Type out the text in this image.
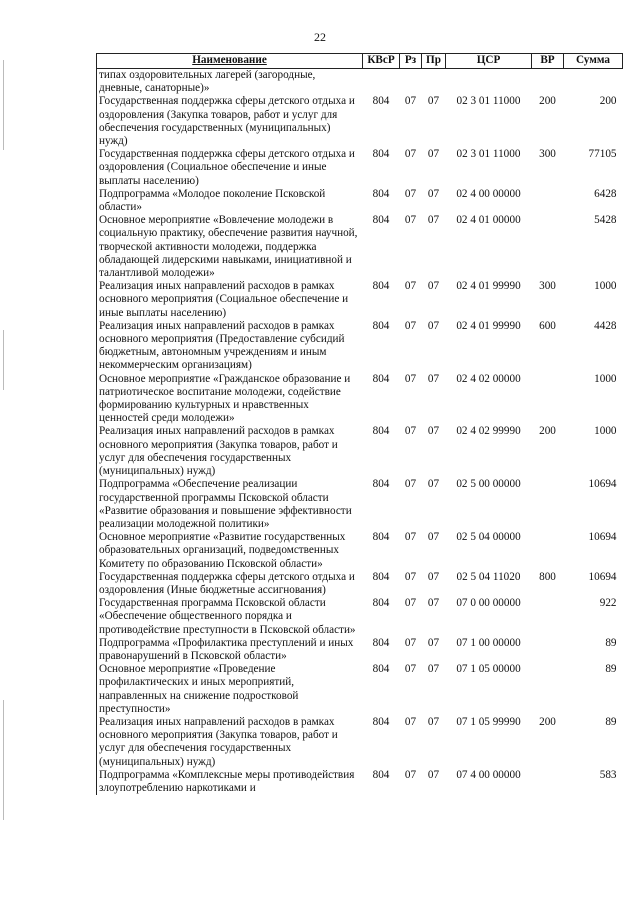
22
Наименование	КВсР	Рз	Пр	ЦСР	ВР	Сумма
типах оздоровительных лагерей (загородные, дневные, санаторные)»						
Государственная поддержка сферы детского отдыха и оздоровления (Закупка товаров, работ и услуг для обеспечения государственных (муниципальных) нужд)	804	07	07	02 3 01 11000	200	200
Государственная поддержка сферы детского отдыха и оздоровления (Социальное обеспечение и иные выплаты населению)	804	07	07	02 3 01 11000	300	77105
Подпрограмма «Молодое поколение Псковской области»	804	07	07	02 4 00 00000		6428
Основное мероприятие «Вовлечение молодежи в социальную практику, обеспечение развития научной, творческой активности молодежи, поддержка обладающей лидерскими навыками, инициативной и талантливой молодежи»	804	07	07	02 4 01 00000		5428
Реализация иных направлений расходов в рамках основного мероприятия (Социальное обеспечение и иные выплаты населению)	804	07	07	02 4 01 99990	300	1000
Реализация иных направлений расходов в рамках основного мероприятия (Предоставление субсидий бюджетным, автономным учреждениям и иным некоммерческим организациям)	804	07	07	02 4 01 99990	600	4428
Основное мероприятие «Гражданское образование и патриотическое воспитание молодежи, содействие формированию культурных и нравственных ценностей среди молодежи»	804	07	07	02 4 02 00000		1000
Реализация иных направлений расходов в рамках основного мероприятия (Закупка товаров, работ и услуг для обеспечения государственных (муниципальных) нужд)	804	07	07	02 4 02 99990	200	1000
Подпрограмма «Обеспечение реализации государственной программы Псковской области «Развитие образования и повышение эффективности реализации молодежной политики»	804	07	07	02 5 00 00000		10694
Основное мероприятие «Развитие государственных образовательных организаций, подведомственных Комитету по образованию Псковской области»	804	07	07	02 5 04 00000		10694
Государственная поддержка сферы детского отдыха и оздоровления (Иные бюджетные ассигнования)	804	07	07	02 5 04 11020	800	10694
Государственная программа Псковской области «Обеспечение общественного порядка и противодействие преступности в Псковской области»	804	07	07	07 0 00 00000		922
Подпрограмма «Профилактика преступлений и иных правонарушений в Псковской области»	804	07	07	07 1 00 00000		89
Основное мероприятие «Проведение профилактических и иных мероприятий, направленных на снижение подростковой преступности»	804	07	07	07 1 05 00000		89
Реализация иных направлений расходов в рамках основного мероприятия (Закупка товаров, работ и услуг для обеспечения государственных (муниципальных) нужд)	804	07	07	07 1 05 99990	200	89
Подпрограмма «Комплексные меры противодействия злоупотреблению наркотиками и	804	07	07	07 4 00 00000		583
